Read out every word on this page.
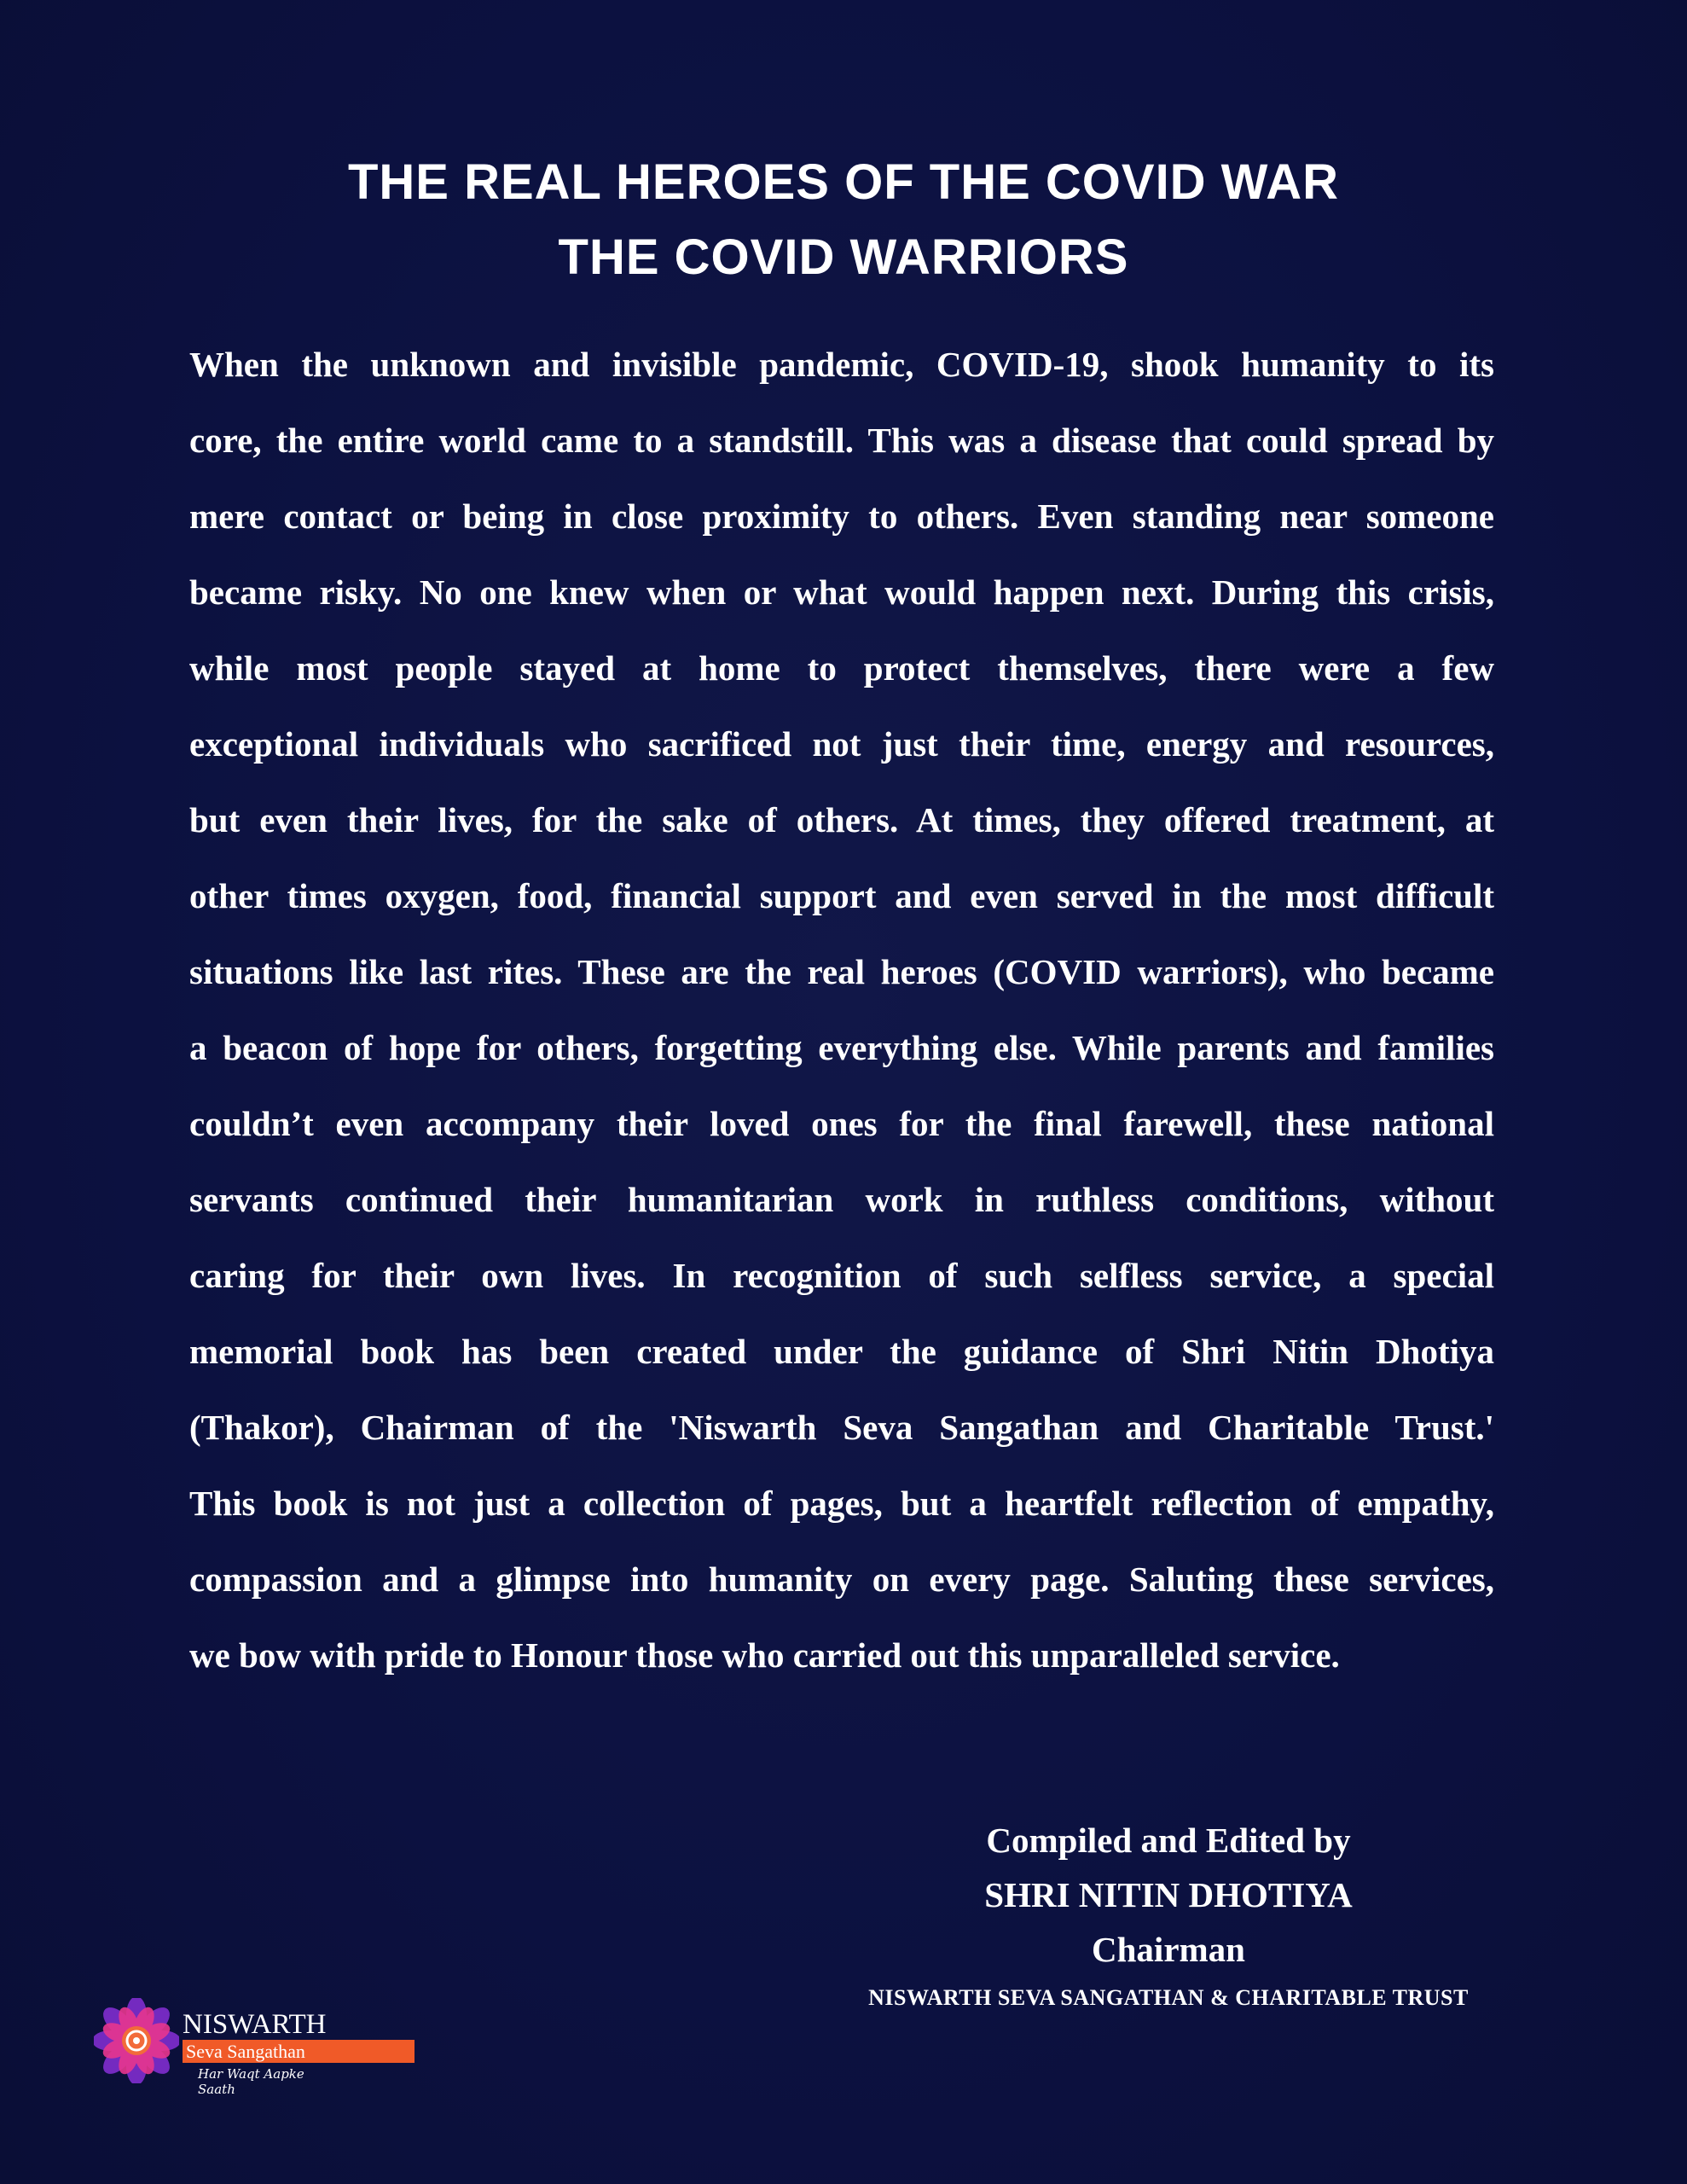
THE REAL HEROES OF THE COVID WAR
THE COVID WARRIORS
When the unknown and invisible pandemic, COVID-19, shook humanity to its
core, the entire world came to a standstill. This was a disease that could spread by
mere contact or being in close proximity to others. Even standing near someone
became risky. No one knew when or what would happen next. During this crisis,
while most people stayed at home to protect themselves, there were a few
exceptional individuals who sacrificed not just their time, energy and resources,
but even their lives, for the sake of others. At times, they offered treatment, at
other times oxygen, food, financial support and even served in the most difficult
situations like last rites. These are the real heroes (COVID warriors), who became
a beacon of hope for others, forgetting everything else. While parents and families
couldn’t even accompany their loved ones for the final farewell, these national
servants continued their humanitarian work in ruthless conditions, without
caring for their own lives. In recognition of such selfless service, a special
memorial book has been created under the guidance of Shri Nitin Dhotiya
(Thakor), Chairman of the 'Niswarth Seva Sangathan and Charitable Trust.'
This book is not just a collection of pages, but a heartfelt reflection of empathy,
compassion and a glimpse into humanity on every page. Saluting these services,
we bow with pride to Honour those who carried out this unparalleled service.
Compiled and Edited by
SHRI NITIN DHOTIYA
Chairman
NISWARTH SEVA SANGATHAN & CHARITABLE TRUST
NISWARTH
Seva Sangathan
Har Waqt Aapke Saath
